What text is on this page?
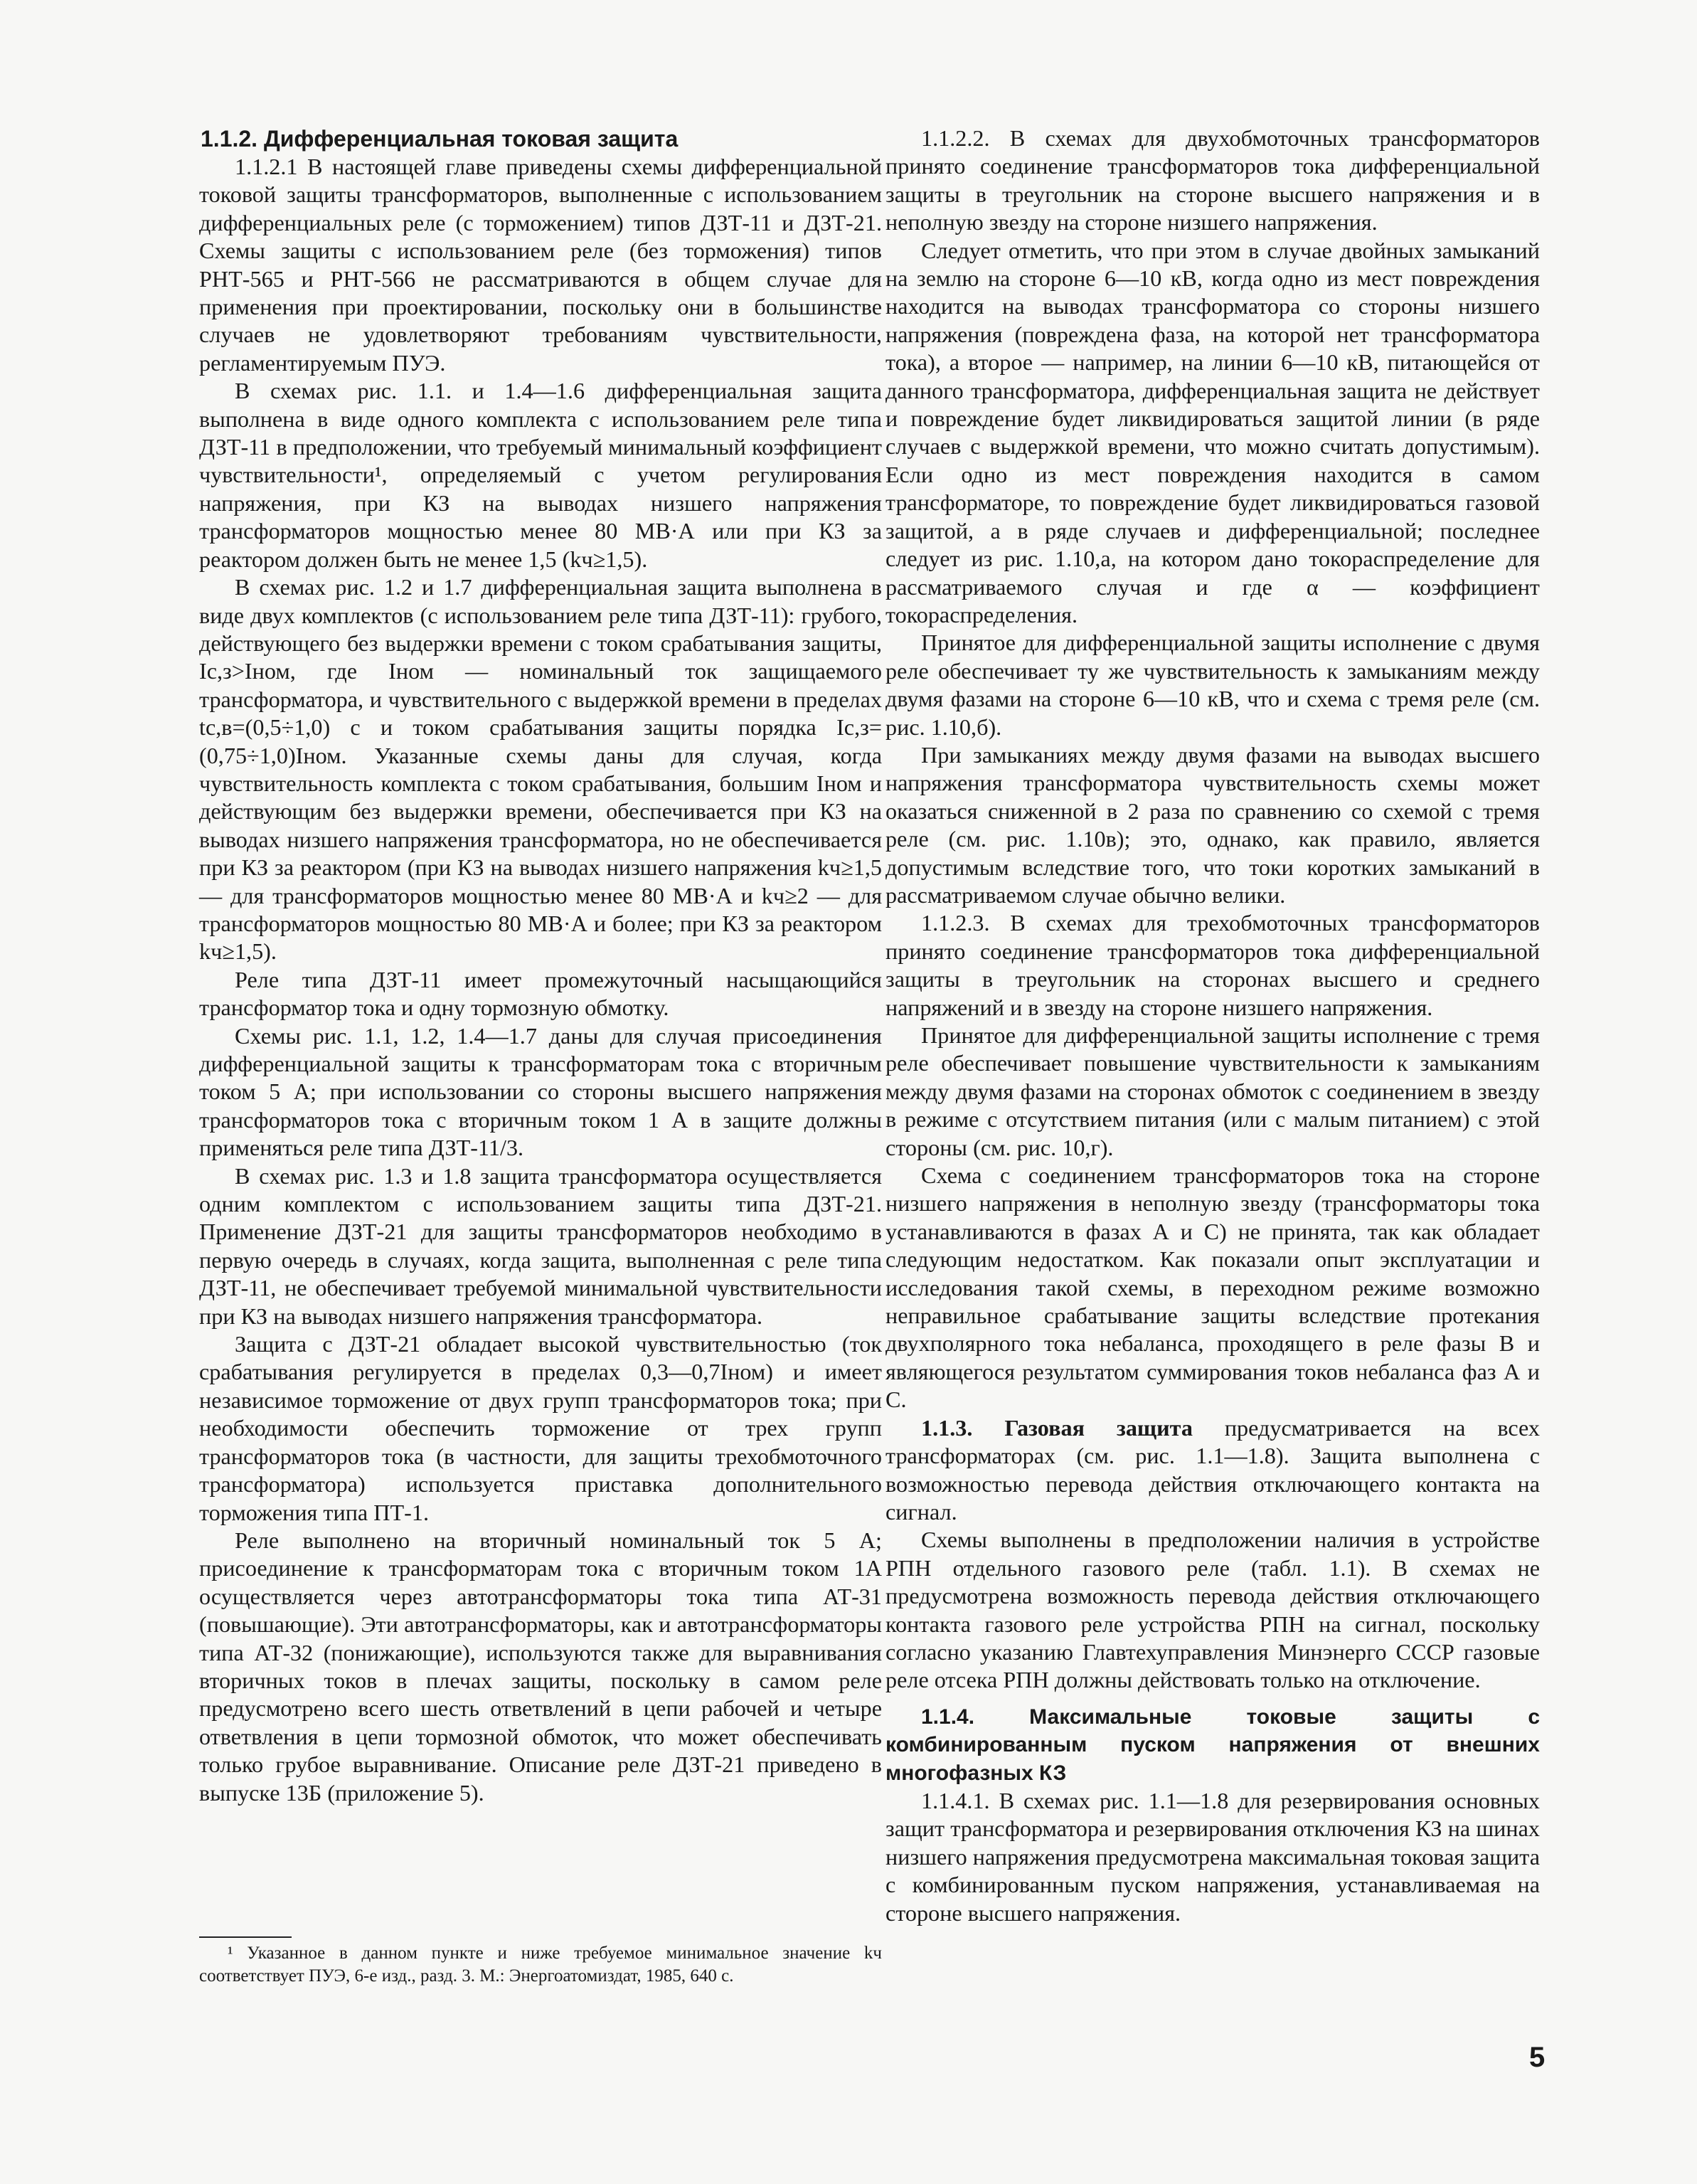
1.1.2. Дифференциальная токовая защита

1.1.2.1 В настоящей главе приведены схемы дифференциальной токовой защиты трансформаторов, выполненные с использованием дифференциальных реле (с торможением) типов ДЗТ-11 и ДЗТ-21. Схемы защиты с использованием реле (без торможения) типов РНТ-565 и РНТ-566 не рассматриваются в общем случае для применения при проектировании, поскольку они в большинстве случаев не удовлетворяют требованиям чувствительности, регламентируемым ПУЭ.

В схемах рис. 1.1. и 1.4—1.6 дифференциальная защита выполнена в виде одного комплекта с использованием реле типа ДЗТ-11 в предположении, что требуемый минимальный коэффициент чувствительности¹, определяемый с учетом регулирования напряжения, при КЗ на выводах низшего напряжения трансформаторов мощностью менее 80 МВ·А или при КЗ за реактором должен быть не менее 1,5 (kч≥1,5).

В схемах рис. 1.2 и 1.7 дифференциальная защита выполнена в виде двух комплектов (с использованием реле типа ДЗТ-11): грубого, действующего без выдержки времени с током срабатывания защиты, Iс,з>Iном, где Iном — номинальный ток защищаемого трансформатора, и чувствительного с выдержкой времени в пределах tс,в=(0,5÷1,0) с и током срабатывания защиты порядка Iс,з=(0,75÷1,0)Iном. Указанные схемы даны для случая, когда чувствительность комплекта с током срабатывания, большим Iном и действующим без выдержки времени, обеспечивается при КЗ на выводах низшего напряжения трансформатора, но не обеспечивается при КЗ за реактором (при КЗ на выводах низшего напряжения kч≥1,5 — для трансформаторов мощностью менее 80 МВ·А и kч≥2 — для трансформаторов мощностью 80 МВ·А и более; при КЗ за реактором kч≥1,5).

Реле типа ДЗТ-11 имеет промежуточный насыщающийся трансформатор тока и одну тормозную обмотку.

Схемы рис. 1.1, 1.2, 1.4—1.7 даны для случая присоединения дифференциальной защиты к трансформаторам тока с вторичным током 5 А; при использовании со стороны высшего напряжения трансформаторов тока с вторичным током 1 А в защите должны применяться реле типа ДЗТ-11/3.

В схемах рис. 1.3 и 1.8 защита трансформатора осуществляется одним комплектом с использованием защиты типа ДЗТ-21. Применение ДЗТ-21 для защиты трансформаторов необходимо в первую очередь в случаях, когда защита, выполненная с реле типа ДЗТ-11, не обеспечивает требуемой минимальной чувствительности при КЗ на выводах низшего напряжения трансформатора.

Защита с ДЗТ-21 обладает высокой чувствительностью (ток срабатывания регулируется в пределах 0,3—0,7Iном) и имеет независимое торможение от двух групп трансформаторов тока; при необходимости обеспечить торможение от трех групп трансформаторов тока (в частности, для защиты трехобмоточного трансформатора) используется приставка дополнительного торможения типа ПТ-1.

Реле выполнено на вторичный номинальный ток 5 А; присоединение к трансформаторам тока с вторичным током 1А осуществляется через автотрансформаторы тока типа АТ-31 (повышающие). Эти автотрансформаторы, как и автотрансформаторы типа АТ-32 (понижающие), используются также для выравнивания вторичных токов в плечах защиты, поскольку в самом реле предусмотрено всего шесть ответвлений в цепи рабочей и четыре ответвления в цепи тормозной обмоток, что может обеспечивать только грубое выравнивание. Описание реле ДЗТ-21 приведено в выпуске 13Б (приложение 5).

¹ Указанное в данном пункте и ниже требуемое минимальное значение kч соответствует ПУЭ, 6-е изд., разд. 3. М.: Энергоатомиздат, 1985, 640 с.

1.1.2.2. В схемах для двухобмоточных трансформаторов принято соединение трансформаторов тока дифференциальной защиты в треугольник на стороне высшего напряжения и в неполную звезду на стороне низшего напряжения.

Следует отметить, что при этом в случае двойных замыканий на землю на стороне 6—10 кВ, когда одно из мест повреждения находится на выводах трансформатора со стороны низшего напряжения (повреждена фаза, на которой нет трансформатора тока), а второе — например, на линии 6—10 кВ, питающейся от данного трансформатора, дифференциальная защита не действует и повреждение будет ликвидироваться защитой линии (в ряде случаев с выдержкой времени, что можно считать допустимым). Если одно из мест повреждения находится в самом трансформаторе, то повреждение будет ликвидироваться газовой защитой, а в ряде случаев и дифференциальной; последнее следует из рис. 1.10,а, на котором дано токораспределение для рассматриваемого случая и где α — коэффициент токораспределения.

Принятое для дифференциальной защиты исполнение с двумя реле обеспечивает ту же чувствительность к замыканиям между двумя фазами на стороне 6—10 кВ, что и схема с тремя реле (см. рис. 1.10,б).

При замыканиях между двумя фазами на выводах высшего напряжения трансформатора чувствительность схемы может оказаться сниженной в 2 раза по сравнению со схемой с тремя реле (см. рис. 1.10в); это, однако, как правило, является допустимым вследствие того, что токи коротких замыканий в рассматриваемом случае обычно велики.

1.1.2.3. В схемах для трехобмоточных трансформаторов принято соединение трансформаторов тока дифференциальной защиты в треугольник на сторонах высшего и среднего напряжений и в звезду на стороне низшего напряжения.

Принятое для дифференциальной защиты исполнение с тремя реле обеспечивает повышение чувствительности к замыканиям между двумя фазами на сторонах обмоток с соединением в звезду в режиме с отсутствием питания (или с малым питанием) с этой стороны (см. рис. 10,г).

Схема с соединением трансформаторов тока на стороне низшего напряжения в неполную звезду (трансформаторы тока устанавливаются в фазах А и С) не принята, так как обладает следующим недостатком. Как показали опыт эксплуатации и исследования такой схемы, в переходном режиме возможно неправильное срабатывание защиты вследствие протекания двухполярного тока небаланса, проходящего в реле фазы В и являющегося результатом суммирования токов небаланса фаз А и С.

1.1.3. Газовая защита предусматривается на всех трансформаторах (см. рис. 1.1—1.8). Защита выполнена с возможностью перевода действия отключающего контакта на сигнал.

Схемы выполнены в предположении наличия в устройстве РПН отдельного газового реле (табл. 1.1). В схемах не предусмотрена возможность перевода действия отключающего контакта газового реле устройства РПН на сигнал, поскольку согласно указанию Главтехуправления Минэнерго СССР газовые реле отсека РПН должны действовать только на отключение.

1.1.4. Максимальные токовые защиты с комбинированным пуском напряжения от внешних многофазных КЗ

1.1.4.1. В схемах рис. 1.1—1.8 для резервирования основных защит трансформатора и резервирования отключения КЗ на шинах низшего напряжения предусмотрена максимальная токовая защита с комбинированным пуском напряжения, устанавливаемая на стороне высшего напряжения.

5
